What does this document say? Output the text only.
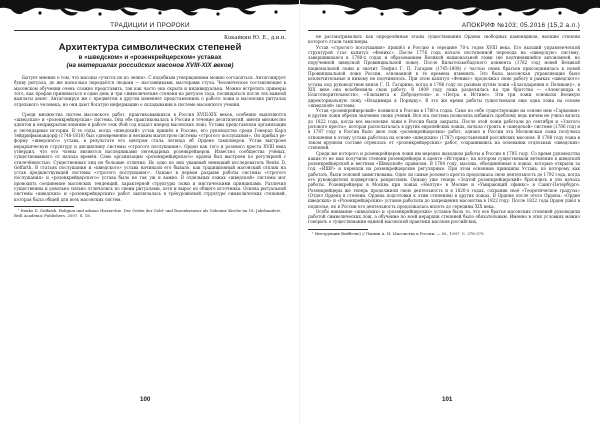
ТРАДИЦИИ И ПРОРОКИ
Кокайкин Ю. Е., д.и.н.
Архитектура символических степеней
в «шведском» и «розенкрейцерском» уставах
(на материалах российских масонов XVIII-XIX веков)

Бытует мнение о том, что масоны «учатся не по лепке». С подобным утверждением можно согласиться. Антагонирует букву ритуала, до же насколько передаётся людьми — наставниками, мастерами стула. Человеческое составляющее в масонском обучении очень сложно представить, так как часто она скрыта и индивидуальна. Можно встретить примеры того, как профан приниматься в один день и три символические степени на ритуале года, посвящаться после тех важной выплаты денег. Антагонируя же с предметом в другом изменяет представлениях о работе ложи и масонских ритуалах отдельного человека, но они дают богатую информацию о складывании в системе масонского учения.

Среди множества систем масонского работ, практиковавшихся в Россия XVIII-XIX веков, особенно выделяются «шведская» и «розенкрейцерская» система. Она обе практиковалась в России в течение десятилетий, имели множество адептов и неприкрытии влияние в работе лож (бой год издаст вперед масонских лож). Уставы представляли организации и легендарные истории. В те годы, когда «шведский» устав пришёл в Россию, его руководство среди Генерал Карл Зейдрифманандорф (1748-1818) был одновременно и великим магистром системы «строгого послушания». Он прибыл ре-форму «шведского» устава, в результате его центром стала легенда об Ордене тамплиеров. Устав выстроен иерархическую структуру и дисциплину системы «строгого послушания». Орден как того и розового креста XVIII века утвердил, что его члены являются наследниками легендарных розенкрейцеров. Известно сообщества учёных, существовавшего от начала времён. Само организацию «розенкрейцерского» ордена был выстроен по регулярной с отвлечённостью. Существенных лиц не большие отличия. Но одно из них уважный немецкий исследователь Renko D. Geffarth. В статьях послушания и «шведского» устава начинали его бывало, как традиционный масонский отклик на устав предшествующей системы «строгого послушания»¹. Однако в первом разрыве работы системы «строгого послушания» и «розенкрейцерского» устава было не так уж и важно. В отдельных ложах «шведской» системы мог проводить соединение масонских тенденций, характерной структуры ложи и мистическими принципами. Различия существенны и довольно сильно отличались по своим ритуалами, хотя и вырос из общего источника. Основа ритуальной системы «шведских» и «розенкрейцерских» работ заключалась в трёхуровневой структуре символических степеней, которая была общей для всех масонских систем.

¹ Renko D. Geffarth. Religion und arkane Hierarchie. Der Orden der Gold- und Rosenkreuzer als Geheime Kirche im 18. Jahrhundert. Brill Academic Publishers, 2007. S. 18.
100
АПОКРИФ №103; 05.2016 (15,2 а.л.)

не рассматривались как определённые этапы существования Ордена свободных каменщиков, высшие степени которого стали тамплиеры.

Устав «строгого послушания» пришёл в Россию в середине 70-х годов XVIII века. Его высший управленческой структурой стал капитул «Феникс». После 1776 года начало постепенной перехода на «шведскую» систему, завершившаяся в 1780-х годах и образованием Великой национальной ложи (не подчинявшейся автономной, но порученной шведской Провинциальной ложе). После Вильгельмсбадского конвента (1782 год) новой Великой национальной ложи и значит Теофил Г. П. Гагарин (1745-1808) с частью своих братьев присоединилась к новой Провинциальной ложе России, основанной в те времена изменить. Это была масонская управляющие было исключительные и никому не подчинялось. При этом капитул «Феникс» продолжал свою работу в рамках «шведского» устава под руководством князя Г. П. Гагарина, когда в 1786 году по разным путям ложи «Благодарения к Пеликану», в XIX веке она возобновила свою работу. В 1809 году ложа разделилась на три братства — «Александра к Благотворительности», «Елизавета к Добродетели» и «Петра к Истине». Эти три ложи основали Великую директориальную ложу «Владимира к Порядку». В это же время работы существовали еще одна ложа на основе «шведской» системы.

Устав «розенкрейцерский» появился в России в 1780-х годах. Само по себе существующие на основе нем «Гармония» и другие ложи обрели значение своих учений. Вся эта система позволяла избавить проблему ведь ничем не учило вплоть до 1822 года, когда все масонские ложи в России были закрыты. После этой ложи работали до сентября и «Златого розового креста», которая располагалась в других европейских ложах, начала строить в «шведской» системе (1786 год) и в 1787 году в России было двое лож «розенкрейцерских» работ, однако в России эта Московская ложа получила отношения к этому устава работала на основе «шведских» (1787) представлений российских масонов. В 1788 году ложа в таком крупном составе отреклась от «розенкрейцерских» работ, сохранившись на основании отдельных «шведских» степеней.

Среди же которого и розенкрейцеров ложи им нередко выходили работы в России в 1785 году. Со время руководства каких-то не мая получили степени розенкрейцера в адепте «Истории», на котором существовали ветвления в шведской розенкрейцерской и вестным «Шведской» правилом. В 1784 году, масоны, объединённые в ложах, которые открыли за год. «ИШР» и перешли на рохенкрейцерские регулярные. При этом основные принципы Устава, по которому как работать, были основой заимствованы. Одно ли самые розового креста продолжала свою деятельность до 1792 года, когда его руководители подверглись репрессиям. Однако уже теперь «Златой розенкрейцерский» бросились в эти начала работы. Розенкрейцеры в Москва при ложах «Нептун» в Москве и «Умирающий сфинкс» в Санкт-Петербурге. Розенкрейцеры же теперь продолжили свою деятельность и в 1820-х годах, сохранив своё «Теоретическое градусы» (Отдел Ордена в степени, Ордена подготовки к этим степеням) в других ложах. В Ордене после этого Ордена: «Орден шведских» и «Розенкрейцерских» уставов работали до запрещения масонства в 1822 году. После 1822 года Орден ушёл в подполье, но в России его деятельность продолжалась вплоть до середины XIX века.

Особо внимание «шведских» и «розенкрейцерских» уставов была то, что все братья масонских степеней руководили работой символических лож, а обучение по всей иерархии степеней было обязательным. Именно в этих условиях можно говорить о существовании единой масонской практики масонов российских.

¹ Инструкция Вейбелю) // Пыпин А. Н. Масонство в России. — М., 1997. С. 378-379.
101
